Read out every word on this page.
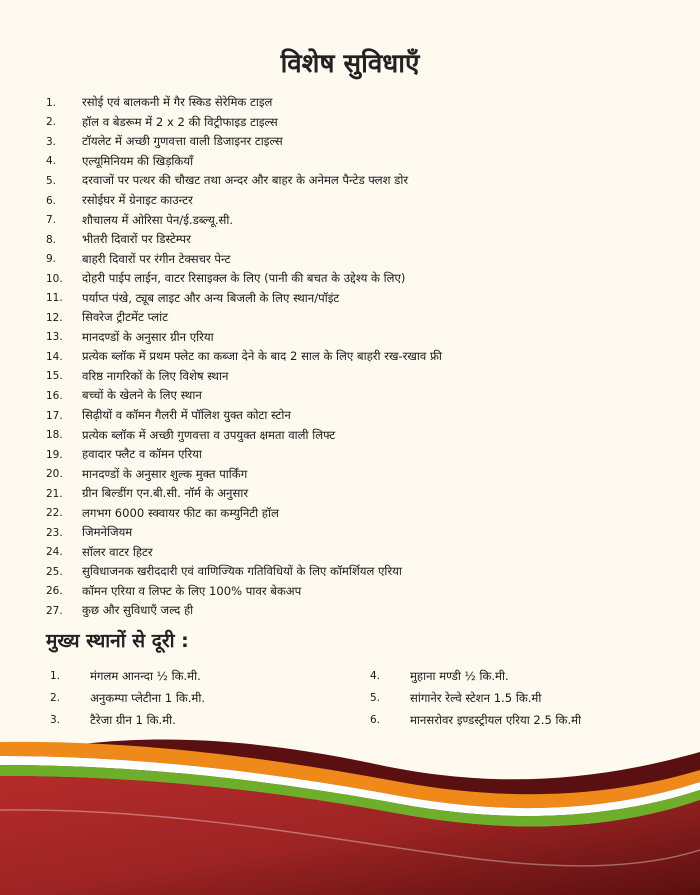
विशेष सुविधाएँ
1.	रसोई एवं बालकनी में गैर स्किड सेरेमिक टाइल
2.	हॉल व बेडरूम में 2 x 2 की विट्रीफाइड टाइल्स
3.	टॉयलेट में अच्छी गुणवत्ता वाली डिजाइनर टाइल्स
4.	एल्यूमिनियम की खिड़कियाँ
5.	दरवाजों पर पत्थर की चौखट तथा अन्दर और बाहर के अनेमल पैन्टेड फ्लश डोर
6.	रसोईघर में ग्रेनाइट काउन्टर
7.	शौचालय में ओरिसा पेन/ई.डब्ल्यू.सी.
8.	भीतरी दिवारों पर डिस्टेम्पर
9.	बाहरी दिवारों पर रंगीन टेक्सचर पेन्ट
10.	दोहरी पाईप लाईन, वाटर रिसाइक्ल के लिए (पानी की बचत के उद्देश्य के लिए)
11.	पर्याप्त पंखे, ट्यूब लाइट और अन्य बिजली के लिए स्थान/पॉइंट
12.	सिवरेज ट्रीटमेंट प्लांट
13.	मानदण्डों के अनुसार ग्रीन एरिया
14.	प्रत्येक ब्लॉक में प्रथम फ्लेट का कब्जा देने के बाद 2 साल के लिए बाहरी रख-रखाव फ्री
15.	वरिष्ठ नागरिकों के लिए विशेष स्थान
16.	बच्चों के खेलने के लिए स्थान
17.	सिढ़ीयों व कॉमन गैलरी में पॉलिश युक्त कोटा स्टोन
18.	प्रत्येक ब्लॉक में अच्छी गुणवत्ता व उपयुक्त क्षमता वाली लिफ्ट
19.	हवादार फ्लैट व कॉमन एरिया
20.	मानदण्डों के अनुसार शुल्क मुक्त पार्किंग
21.	ग्रीन बिल्डींग एन.बी.सी. नॉर्म के अनुसार
22.	लगभग 6000 स्क्वायर फीट का कम्युनिटी हॉल
23.	जिमनेजियम
24.	सॉलर वाटर हिटर
25.	सुविधाजनक खरीददारी एवं वाणिज्यिक गतिविधियों के लिए कॉमर्शियल एरिया
26.	कॉमन एरिया व लिफ्ट के लिए 100% पावर बेकअप
27.	कुछ और सुविधाएँ जल्द ही
मुख्य स्थानों से दूरी :
1.	मंगलम आनन्दा ½ कि.मी.
2.	अनुकम्पा प्लेटीना 1 कि.मी.
3.	टैरेजा ग्रीन 1 कि.मी.
4.	मुहाना मण्डी ½ कि.मी.
5.	सांगानेर रेल्वे स्टेशन 1.5 कि.मी
6.	मानसरोवर इण्डस्ट्रीयल एरिया 2.5 कि.मी
